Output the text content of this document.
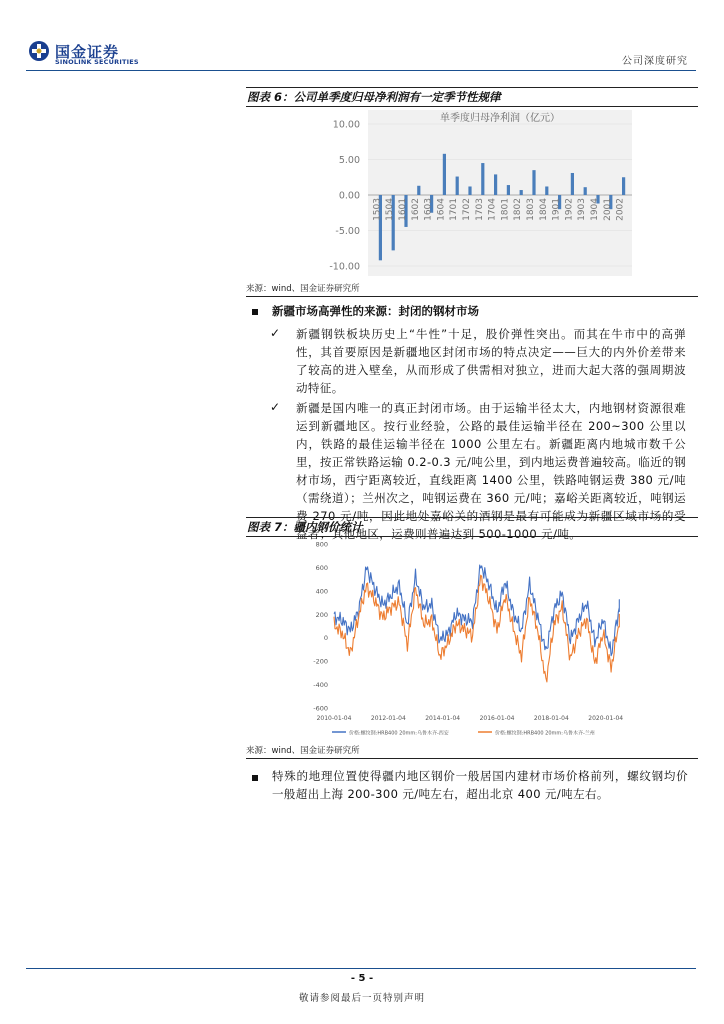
国金证券
SINOLINK SECURITIES	公司深度研究
图表 6：公司单季度归母净利润有一定季节性规律
单季度归母净利润（亿元）
10.00
5.00
0.00
-5.00
-10.00
1503 1504 1601 1602 1603 1604 1701 1702 1703 1704 1801 1802 1803 1804 1901 1902 1903 1904 2001 2002
来源：wind、国金证券研究所
新疆市场高弹性的来源：封闭的钢材市场
✓ 新疆钢铁板块历史上“牛性”十足，股价弹性突出。而其在牛市中的高弹性，其首要原因是新疆地区封闭市场的特点决定——巨大的内外价差带来了较高的进入壁垒，从而形成了供需相对独立，进而大起大落的强周期波动特征。
✓ 新疆是国内唯一的真正封闭市场。由于运输半径太大，内地钢材资源很难运到新疆地区。按行业经验，公路的最佳运输半径在 200~300 公里以内，铁路的最佳运输半径在 1000 公里左右。新疆距离内地城市数千公里，按正常铁路运输 0.2-0.3 元/吨公里，到内地运费普遍较高。临近的钢材市场，西宁距离较近，直线距离 1400 公里，铁路吨钢运费 380 元/吨（需绕道）；兰州次之，吨钢运费在 360 元/吨；嘉峪关距离较近，吨钢运费 270 元/吨，因此地处嘉峪关的酒钢是最有可能成为新疆区域市场的受益者；其他地区，运费则普遍达到 500-1000 元/吨。
图表 7：疆内钢价统计
800
600
400
200
0
-200
-400
-600
2010-01-04	2012-01-04	2014-01-04	2016-01-04	2018-01-04	2020-01-04
价格:螺纹钢:HRB400 20mm:乌鲁木齐-西安	价格:螺纹钢:HRB400 20mm:乌鲁木齐-兰州
来源：wind、国金证券研究所
特殊的地理位置使得疆内地区钢价一般居国内建材市场价格前列，螺纹钢均价一般超出上海 200-300 元/吨左右，超出北京 400 元/吨左右。
- 5 -
敬请参阅最后一页特别声明
